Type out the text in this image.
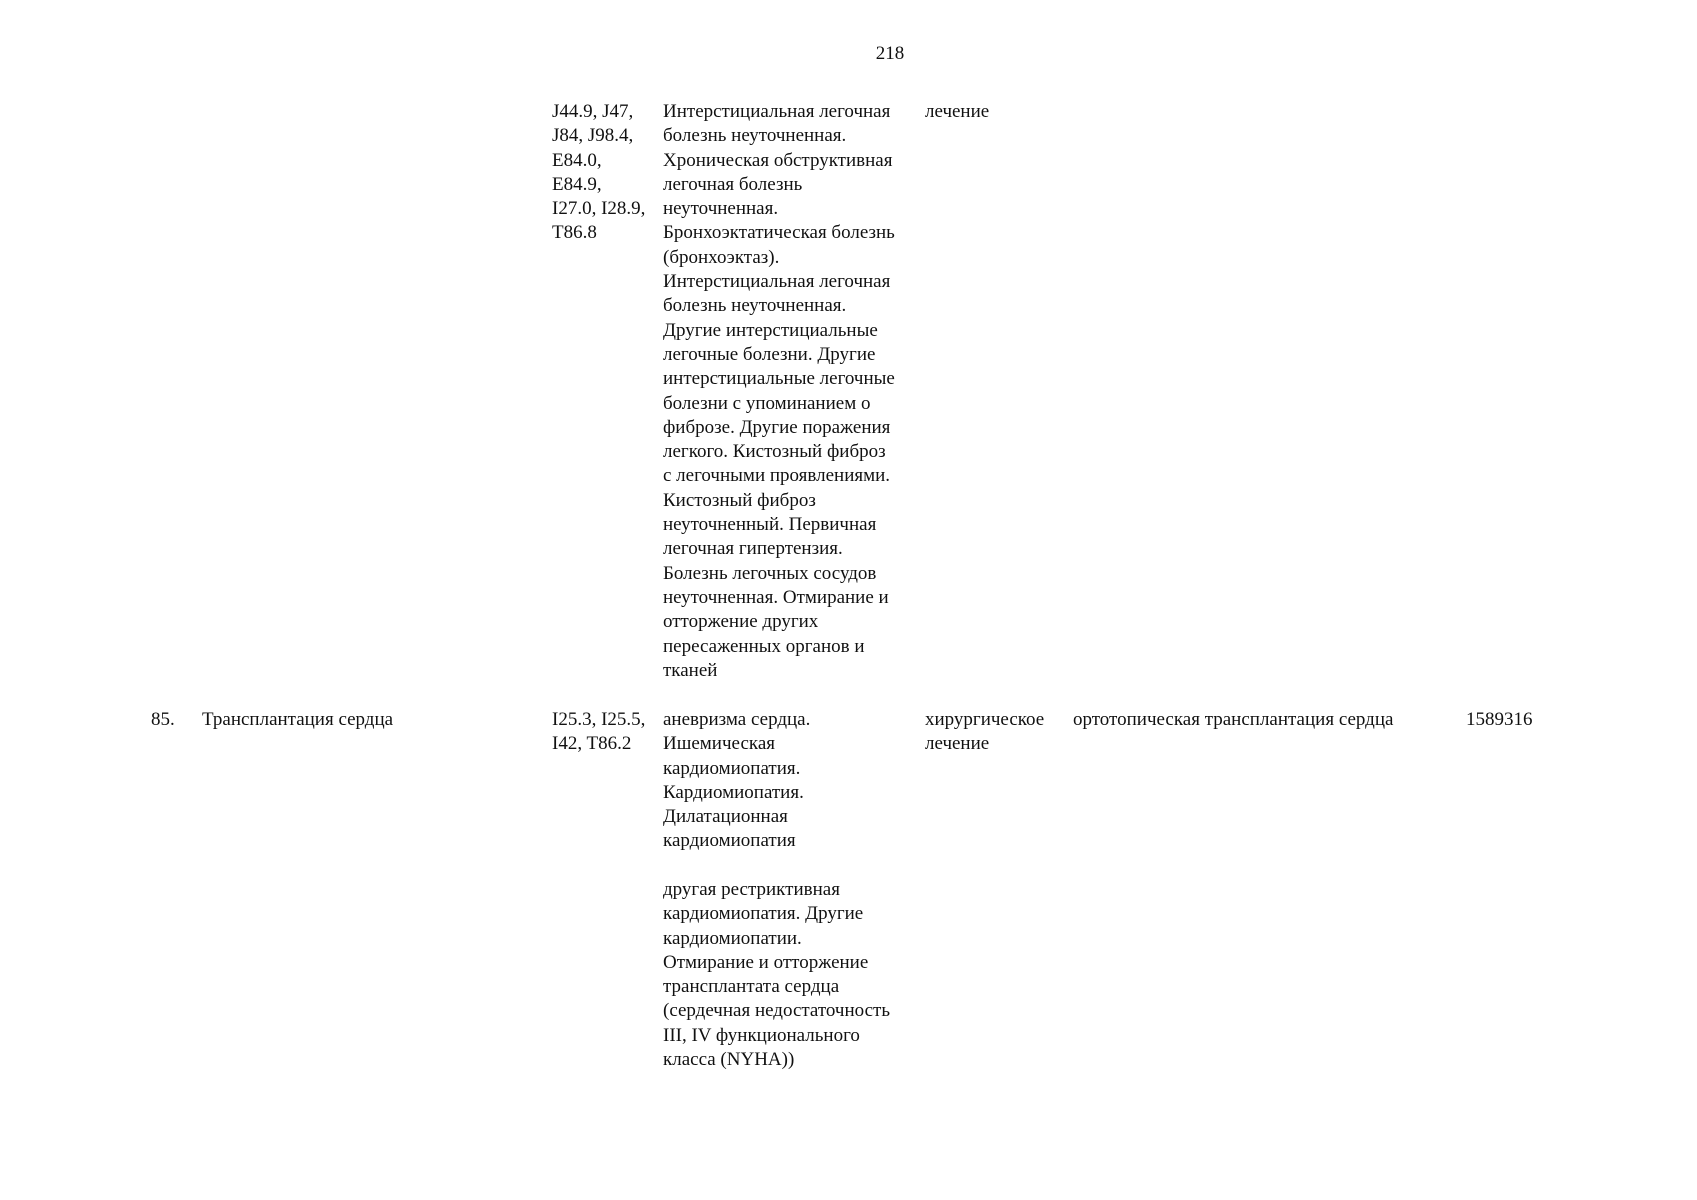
218
J44.9, J47,
J84, J98.4,
E84.0,
E84.9,
I27.0, I28.9,
T86.8
Интерстициальная легочная
болезнь неуточненная.
Хроническая обструктивная
легочная болезнь
неуточненная.
Бронхоэктатическая болезнь
(бронхоэктаз).
Интерстициальная легочная
болезнь неуточненная.
Другие интерстициальные
легочные болезни. Другие
интерстициальные легочные
болезни с упоминанием о
фиброзе. Другие поражения
легкого. Кистозный фиброз
с легочными проявлениями.
Кистозный фиброз
неуточненный. Первичная
легочная гипертензия.
Болезнь легочных сосудов
неуточненная. Отмирание и
отторжение других
пересаженных органов и
тканей
лечение
85. Трансплантация сердца	I25.3, I25.5,
I42, T86.2
аневризма сердца.
Ишемическая
кардиомиопатия.
Кардиомиопатия.
Дилатационная
кардиомиопатия
другая рестриктивная
кардиомиопатия. Другие
кардиомиопатии.
Отмирание и отторжение
трансплантата сердца
(сердечная недостаточность
III, IV функционального
класса (NYHA))
хирургическое
лечение
ортотопическая трансплантация сердца	1589316
